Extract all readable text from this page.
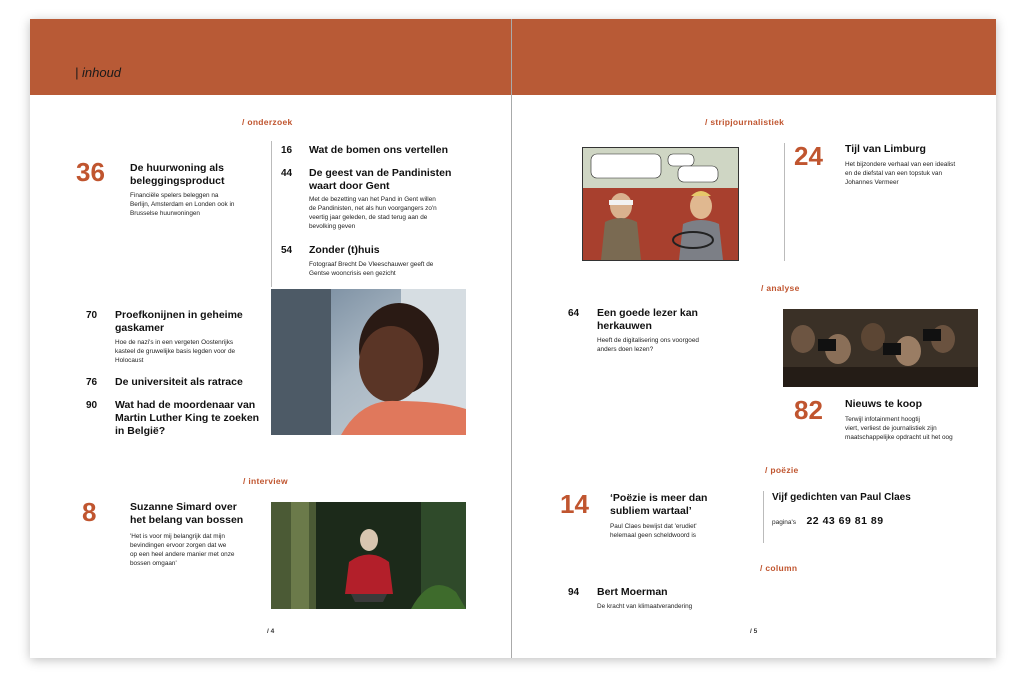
| inhoud
/ onderzoek
36 De huurwoning als
beleggingsproduct
Financiële spelers beleggen na
Berlijn, Amsterdam en Londen ook in
Brusselse huurwoningen
16 Wat de bomen ons vertellen
44 De geest van de Pandinisten
waart door Gent
Met de bezetting van het Pand in Gent willen
de Pandinisten, net als hun voorgangers zo'n
veertig jaar geleden, de stad terug aan de
bevolking geven
54 Zonder (t)huis
Fotograaf Brecht De Vleeschauwer geeft de
Gentse wooncrisis een gezicht
70 Proefkonijnen in geheime
gaskamer
Hoe de nazi's in een vergeten Oostenrijks
kasteel de gruwelijke basis legden voor de
Holocaust
76 De universiteit als ratrace
90 Wat had de moordenaar van
Martin Luther King te zoeken
in België?
/ interview
8	Suzanne Simard over
het belang van bossen
'Het is voor mij belangrijk dat mijn
bevindingen ervoor zorgen dat we
op een heel andere manier met onze
bossen omgaan'
/ 4
/ stripjournalistiek
24 Tijl van Limburg
Het bijzondere verhaal van een idealist
en de diefstal van een topstuk van
Johannes Vermeer
/ analyse
64 Een goede lezer kan
herkauwen
Heeft de digitalisering ons voorgoed
anders doen lezen?
82 Nieuws te koop
Terwijl infotainment hoogtij
viert, verliest de journalistiek zijn
maatschappelijke opdracht uit het oog
/ poëzie
14 ‘Poëzie is meer dan
subliem wartaal’
Paul Claes bewijst dat 'erudiet'
helemaal geen scheldwoord is
Vijf gedichten van Paul Claes
pagina's 22 43 69 81 89
/ column
94 Bert Moerman
De kracht van klimaatverandering
/ 5
